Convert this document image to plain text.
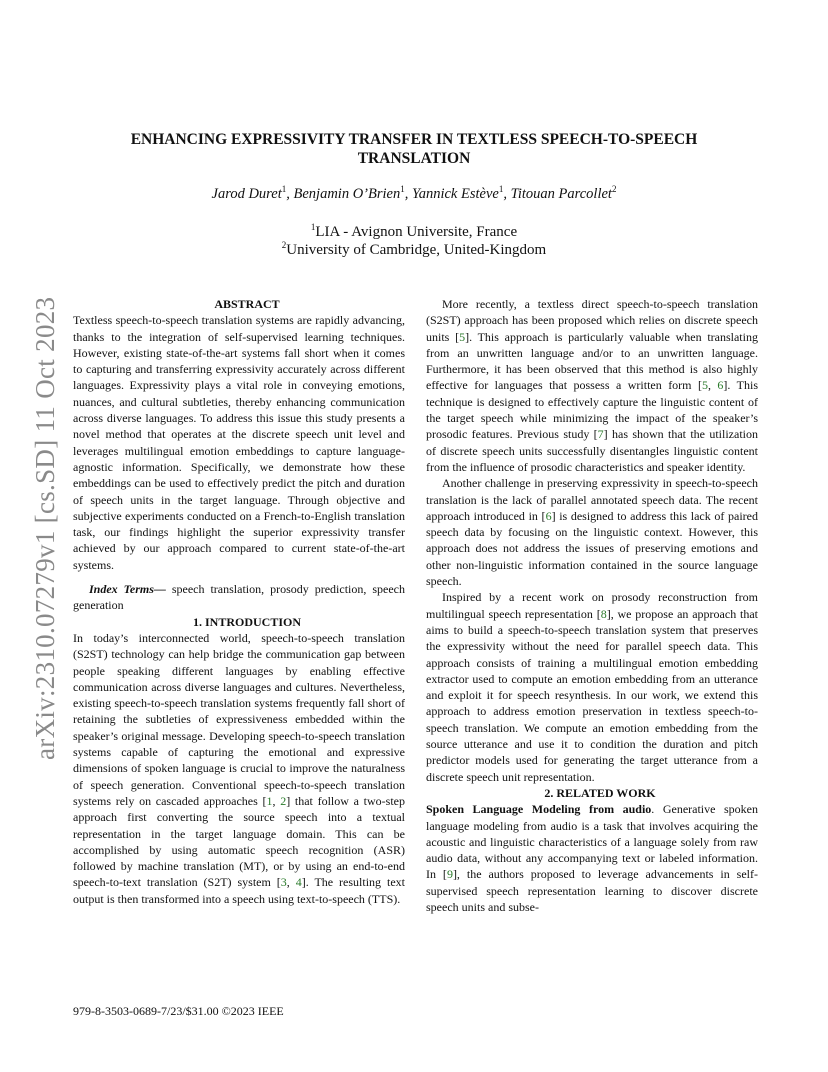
arXiv:2310.07279v1 [cs.SD] 11 Oct 2023
ENHANCING EXPRESSIVITY TRANSFER IN TEXTLESS SPEECH-TO-SPEECH TRANSLATION
Jarod Duret$^1$, Benjamin O’Brien$^1$, Yannick Estève$^1$, Titouan Parcollet$^2$
$^1$LIA - Avignon Universite, France
$^2$University of Cambridge, United-Kingdom

ABSTRACT

Textless speech-to-speech translation systems are rapidly advancing, thanks to the integration of self-supervised learning techniques. However, existing state-of-the-art systems fall short when it comes to capturing and transferring expressivity accurately across different languages. Expressivity plays a vital role in conveying emotions, nuances, and cultural subtleties, thereby enhancing communication across diverse languages. To address this issue this study presents a novel method that operates at the discrete speech unit level and leverages multilingual emotion embeddings to capture language-agnostic information. Specifically, we demonstrate how these embeddings can be used to effectively predict the pitch and duration of speech units in the target language. Through objective and subjective experiments conducted on a French-to-English translation task, our findings highlight the superior expressivity transfer achieved by our approach compared to current state-of-the-art systems.

Index Terms— speech translation, prosody prediction, speech generation

1. INTRODUCTION

In today’s interconnected world, speech-to-speech translation (S2ST) technology can help bridge the communication gap between people speaking different languages by enabling effective communication across diverse languages and cultures. Nevertheless, existing speech-to-speech translation systems frequently fall short of retaining the subtleties of expressiveness embedded within the speaker’s original message. Developing speech-to-speech translation systems capable of capturing the emotional and expressive dimensions of spoken language is crucial to improve the naturalness of speech generation. Conventional speech-to-speech translation systems rely on cascaded approaches [1, 2] that follow a two-step approach first converting the source speech into a textual representation in the target language domain. This can be accomplished by using automatic speech recognition (ASR) followed by machine translation (MT), or by using an end-to-end speech-to-text translation (S2T) system [3, 4]. The resulting text output is then transformed into a speech using text-to-speech (TTS).

More recently, a textless direct speech-to-speech translation (S2ST) approach has been proposed which relies on discrete speech units [5]. This approach is particularly valuable when translating from an unwritten language and/or to an unwritten language. Furthermore, it has been observed that this method is also highly effective for languages that possess a written form [5, 6]. This technique is designed to effectively capture the linguistic content of the target speech while minimizing the impact of the speaker’s prosodic features. Previous study [7] has shown that the utilization of discrete speech units successfully disentangles linguistic content from the influence of prosodic characteristics and speaker identity.

Another challenge in preserving expressivity in speech-to-speech translation is the lack of parallel annotated speech data. The recent approach introduced in [6] is designed to address this lack of paired speech data by focusing on the linguistic context. However, this approach does not address the issues of preserving emotions and other non-linguistic information contained in the source language speech.

Inspired by a recent work on prosody reconstruction from multilingual speech representation [8], we propose an approach that aims to build a speech-to-speech translation system that preserves the expressivity without the need for parallel speech data. This approach consists of training a multilingual emotion embedding extractor used to compute an emotion embedding from an utterance and exploit it for speech resynthesis. In our work, we extend this approach to address emotion preservation in textless speech-to-speech translation. We compute an emotion embedding from the source utterance and use it to condition the duration and pitch predictor models used for generating the target utterance from a discrete speech unit representation.

2. RELATED WORK

Spoken Language Modeling from audio. Generative spoken language modeling from audio is a task that involves acquiring the acoustic and linguistic characteristics of a language solely from raw audio data, without any accompanying text or labeled information. In [9], the authors proposed to leverage advancements in self-supervised speech representation learning to discover discrete speech units and subse-

979-8-3503-0689-7/23/$31.00 ©2023 IEEE
